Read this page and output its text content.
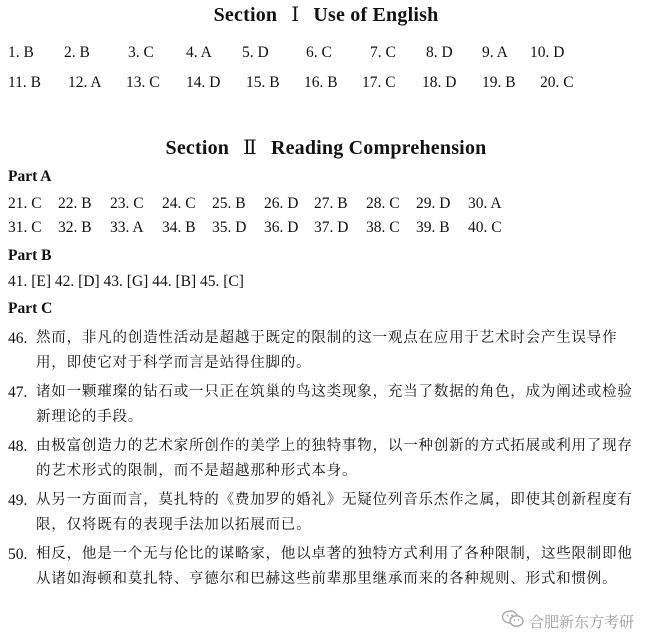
Section Ⅰ Use of English
1. B 2. B 3. C 4. A 5. D 6. C 7. C 8. D 9. A 10. D
11. B 12. A 13. C 14. D 15. B 16. B 17. C 18. D 19. B 20. C
Section Ⅱ Reading Comprehension
Part A
21. C 22. B 23. C 24. C 25. B 26. D 27. B 28. C 29. D 30. A
31. C 32. B 33. A 34. B 35. D 36. D 37. D 38. C 39. B 40. C
Part B
41. [E] 42. [D] 43. [G] 44. [B] 45. [C]
Part C
46. 然而，非凡的创造性活动是超越于既定的限制的这一观点在应用于艺术时会产生误导作用，即使它对于科学而言是站得住脚的。
47. 诸如一颗璀璨的钻石或一只正在筑巢的鸟这类现象，充当了数据的角色，成为阐述或检验新理论的手段。
48. 由极富创造力的艺术家所创作的美学上的独特事物，以一种创新的方式拓展或利用了现存的艺术形式的限制，而不是超越那种形式本身。
49. 从另一方面而言，莫扎特的《费加罗的婚礼》无疑位列音乐杰作之属，即使其创新程度有限，仅将既有的表现手法加以拓展而已。
50. 相反，他是一个无与伦比的谋略家，他以卓著的独特方式利用了各种限制，这些限制即他从诸如海顿和莫扎特、亨德尔和巴赫这些前辈那里继承而来的各种规则、形式和惯例。
合肥新东方考研
